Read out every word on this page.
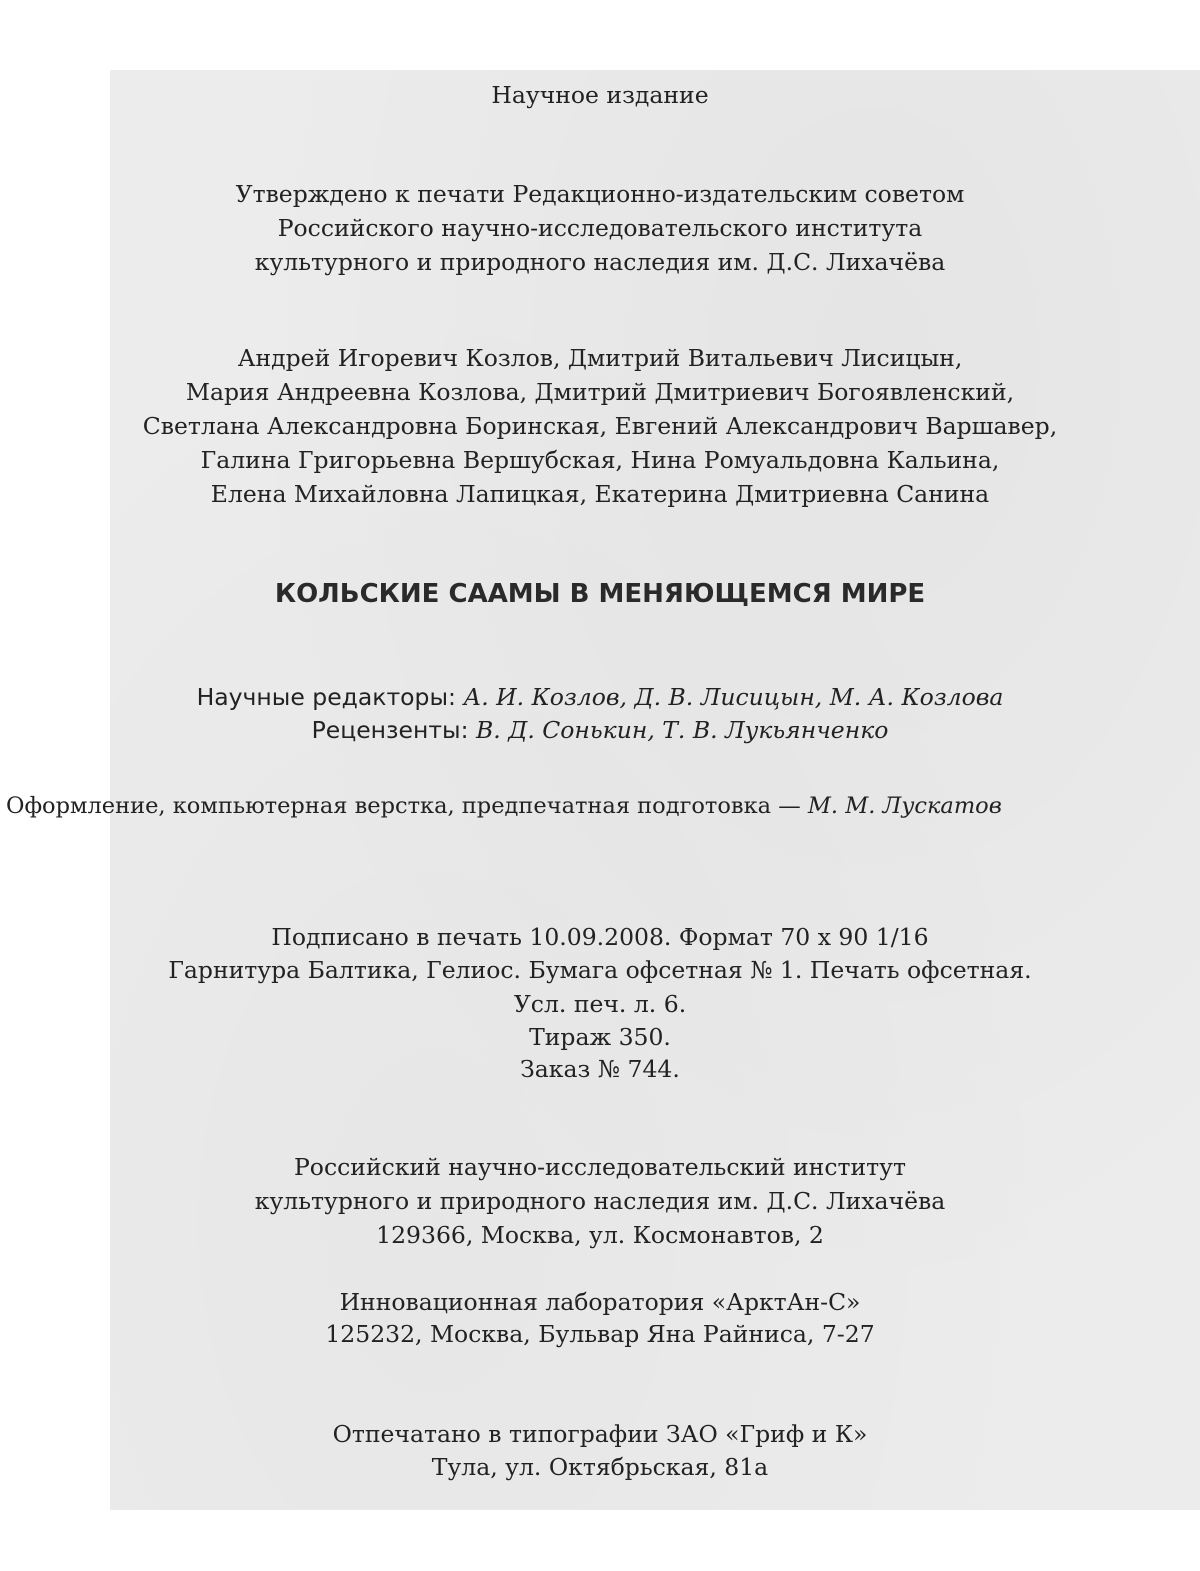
Научное издание
Утверждено к печати Редакционно-издательским советом
Российского научно-исследовательского института
культурного и природного наследия им. Д.С. Лихачёва
Андрей Игоревич Козлов, Дмитрий Витальевич Лисицын,
Мария Андреевна Козлова, Дмитрий Дмитриевич Богоявленский,
Светлана Александровна Боринская, Евгений Александрович Варшавер,
Галина Григорьевна Вершубская, Нина Ромуальдовна Кальина,
Елена Михайловна Лапицкая, Екатерина Дмитриевна Санина
КОЛЬСКИЕ СААМЫ В МЕНЯЮЩЕМСЯ МИРЕ
Научные редакторы: А. И. Козлов, Д. В. Лисицын, М. А. Козлова
Рецензенты: В. Д. Сонькин, Т. В. Лукьянченко
Оформление, компьютерная верстка, предпечатная подготовка — М. М. Лускатов
Подписано в печать 10.09.2008. Формат 70 х 90 1/16
Гарнитура Балтика, Гелиос. Бумага офсетная № 1. Печать офсетная.
Усл. печ. л. 6.
Тираж 350.
Заказ № 744.
Российский научно-исследовательский институт
культурного и природного наследия им. Д.С. Лихачёва
129366, Москва, ул. Космонавтов, 2
Инновационная лаборатория «АрктАн-С»
125232, Москва, Бульвар Яна Райниса, 7-27
Отпечатано в типографии ЗАО «Гриф и К»
Тула, ул. Октябрьская, 81а
